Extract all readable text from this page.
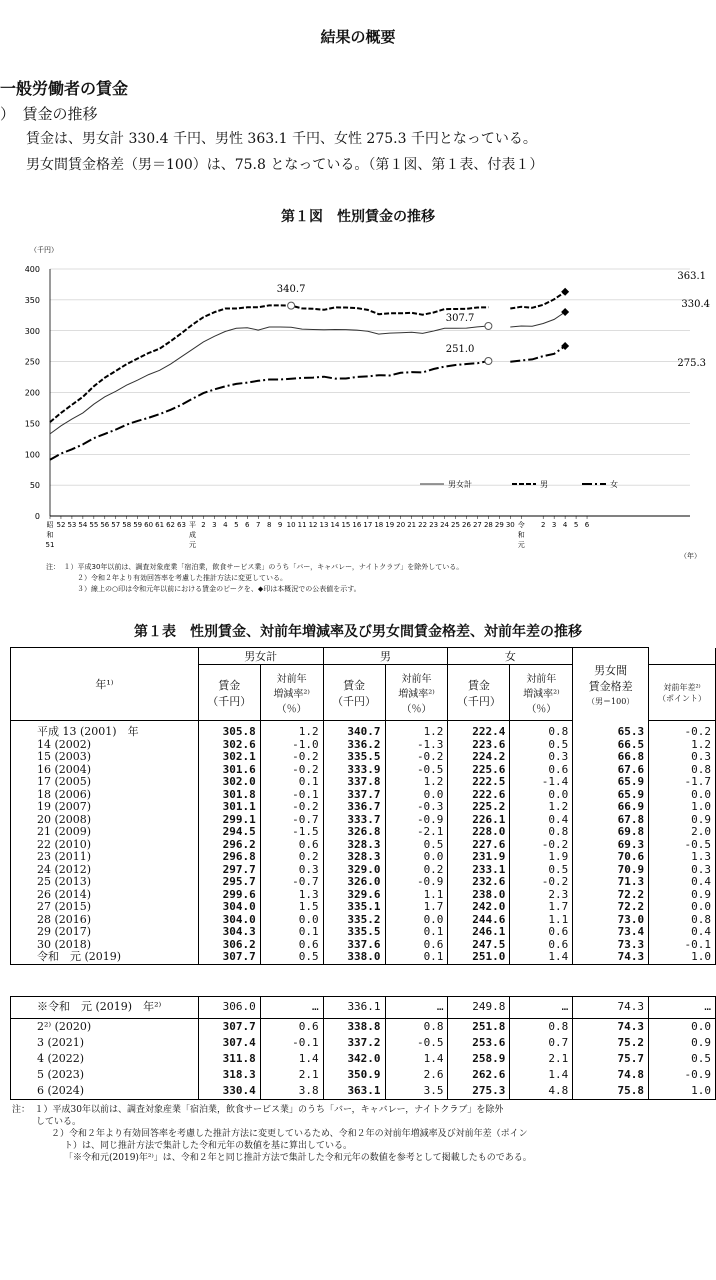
結果の概要
一般労働者の賃金
）　賃金の推移
賃金は、男女計 330.4 千円、男性 363.1 千円、女性 275.3 千円となっている。
男女間賃金格差（男＝100）は、75.8 となっている。（第１図、第１表、付表１）
第１図　性別賃金の推移
（千円）
0
50
100
150
200
250
300
350
400
昭
和
51
52 53 54 55 56 57 58 59 60 61 62 63 平
成
元
2 3 4 5 6 7 8 9 10 11 12 13 14 15 16 17 18 19 20 21 22 23 24 25 26 27 28 29 30 令
和
元
2 3 4 5 6
340.7
307.7
251.0
363.1
330.4
275.3
男女計	男	女
（年）
注：　１）平成30年以前は、調査対象産業「宿泊業，飲食サービス業」のうち「バー，キャバレー，ナイトクラブ」を除外している。
２）令和２年より有効回答率を考慮した推計方法に変更している。
３）線上の○印は令和元年以前における賃金のピークを、◆印は本概況での公表値を示す。
第１表　性別賃金、対前年増減率及び男女間賃金格差、対前年差の推移
年¹⁾	男女計		男		女		男女間
賃金格差
（男＝100）	
	賃金
（千円）	対前年
増減率²⁾
（％）	賃金
（千円）	対前年
増減率²⁾
（％）	賃金
（千円）	対前年
増減率²⁾
（％）		対前年差²⁾
（ポイント）
平成 13 (2001)　年	305.8	1.2	340.7	1.2	222.4	0.8	65.3	-0.2
14 (2002)	302.6	-1.0	336.2	-1.3	223.6	0.5	66.5	1.2
15 (2003)	302.1	-0.2	335.5	-0.2	224.2	0.3	66.8	0.3
16 (2004)	301.6	-0.2	333.9	-0.5	225.6	0.6	67.6	0.8
17 (2005)	302.0	0.1	337.8	1.2	222.5	-1.4	65.9	-1.7
18 (2006)	301.8	-0.1	337.7	0.0	222.6	0.0	65.9	0.0
19 (2007)	301.1	-0.2	336.7	-0.3	225.2	1.2	66.9	1.0
20 (2008)	299.1	-0.7	333.7	-0.9	226.1	0.4	67.8	0.9
21 (2009)	294.5	-1.5	326.8	-2.1	228.0	0.8	69.8	2.0
22 (2010)	296.2	0.6	328.3	0.5	227.6	-0.2	69.3	-0.5
23 (2011)	296.8	0.2	328.3	0.0	231.9	1.9	70.6	1.3
24 (2012)	297.7	0.3	329.0	0.2	233.1	0.5	70.9	0.3
25 (2013)	295.7	-0.7	326.0	-0.9	232.6	-0.2	71.3	0.4
26 (2014)	299.6	1.3	329.6	1.1	238.0	2.3	72.2	0.9
27 (2015)	304.0	1.5	335.1	1.7	242.0	1.7	72.2	0.0
28 (2016)	304.0	0.0	335.2	0.0	244.6	1.1	73.0	0.8
29 (2017)	304.3	0.1	335.5	0.1	246.1	0.6	73.4	0.4
30 (2018)	306.2	0.6	337.6	0.6	247.5	0.6	73.3	-0.1
令和　元 (2019)	307.7	0.5	338.0	0.1	251.0	1.4	74.3	1.0
※令和　元 (2019)　年²⁾	306.0	…	336.1	…	249.8	…	74.3	…
2²⁾ (2020)	307.7	0.6	338.8	0.8	251.8	0.8	74.3	0.0
3 (2021)	307.4	-0.1	337.2	-0.5	253.6	0.7	75.2	0.9
4 (2022)	311.8	1.4	342.0	1.4	258.9	2.1	75.7	0.5
5 (2023)	318.3	2.1	350.9	2.6	262.6	1.4	74.8	-0.9
6 (2024)	330.4	3.8	363.1	3.5	275.3	4.8	75.8	1.0
注：　１）平成30年以前は、調査対象産業「宿泊業，飲食サービス業」のうち「バー，キャバレー，ナイトクラブ」を除外
している。
２）令和２年より有効回答率を考慮した推計方法に変更しているため、令和２年の対前年増減率及び対前年差（ポイン
ト）は、同じ推計方法で集計した令和元年の数値を基に算出している。
「※令和元(2019)年²⁾」は、令和２年と同じ推計方法で集計した令和元年の数値を参考として掲載したものである。
